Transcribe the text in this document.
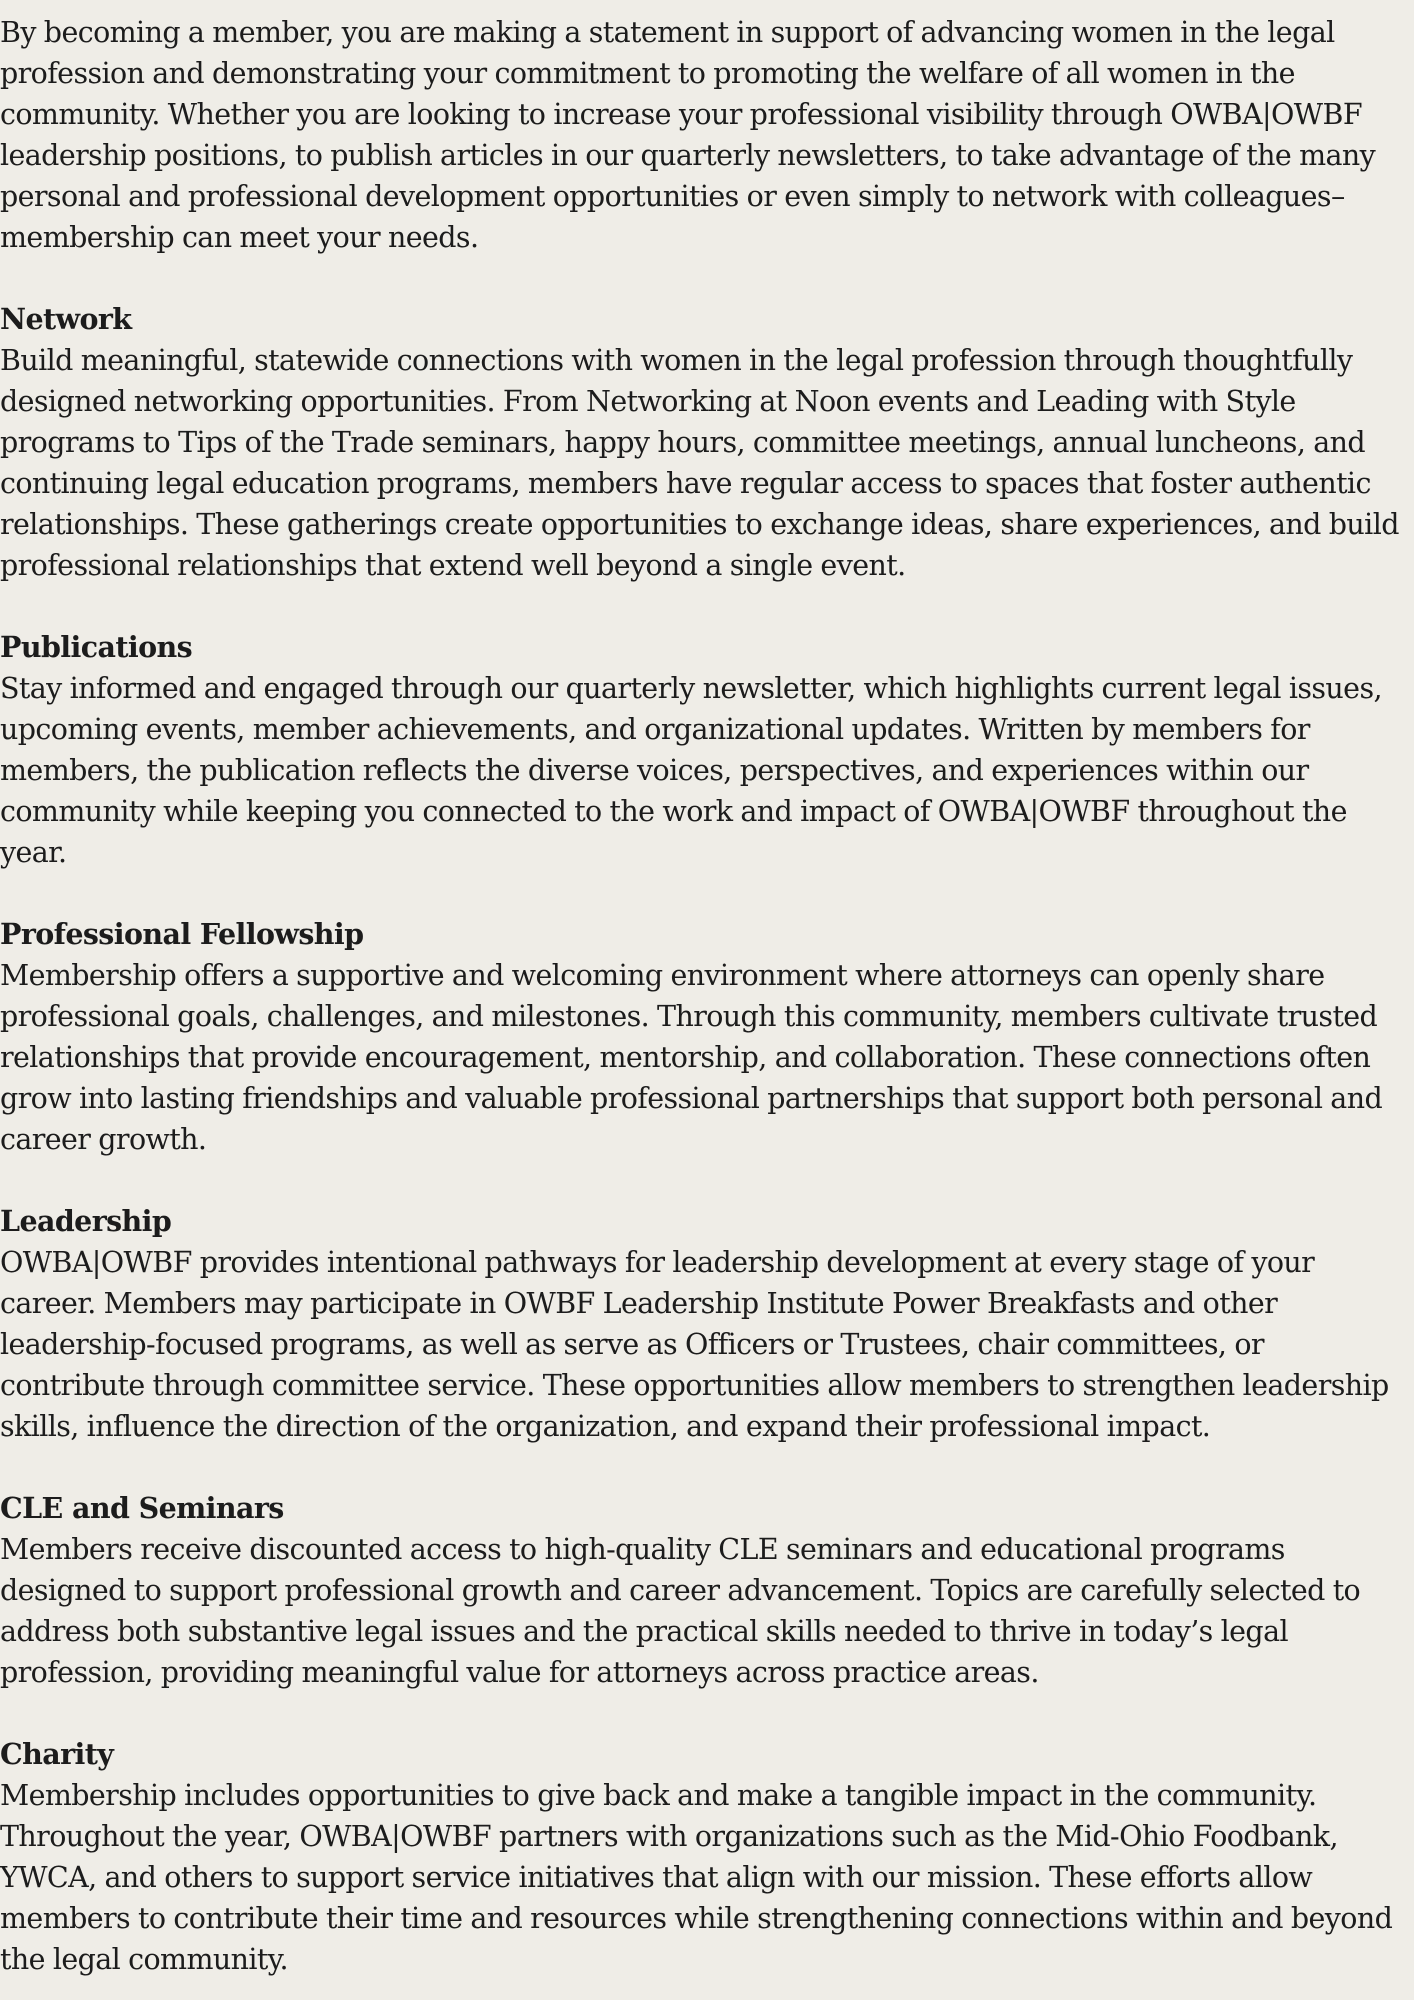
By becoming a member, you are making a statement in support of advancing women in the legal profession and demonstrating your commitment to promoting the welfare of all women in the community. Whether you are looking to increase your professional visibility through OWBA|OWBF leadership positions, to publish articles in our quarterly newsletters, to take advantage of the many personal and professional development opportunities or even simply to network with colleagues– membership can meet your needs.

Network

Build meaningful, statewide connections with women in the legal profession through thoughtfully designed networking opportunities. From Networking at Noon events and Leading with Style programs to Tips of the Trade seminars, happy hours, committee meetings, annual luncheons, and continuing legal education programs, members have regular access to spaces that foster authentic relationships. These gatherings create opportunities to exchange ideas, share experiences, and build professional relationships that extend well beyond a single event.

Publications

Stay informed and engaged through our quarterly newsletter, which highlights current legal issues, upcoming events, member achievements, and organizational updates. Written by members for members, the publication reflects the diverse voices, perspectives, and experiences within our community while keeping you connected to the work and impact of OWBA|OWBF throughout the year.

Professional Fellowship

Membership offers a supportive and welcoming environment where attorneys can openly share professional goals, challenges, and milestones. Through this community, members cultivate trusted relationships that provide encouragement, mentorship, and collaboration. These connections often grow into lasting friendships and valuable professional partnerships that support both personal and career growth.

Leadership

OWBA|OWBF provides intentional pathways for leadership development at every stage of your career. Members may participate in OWBF Leadership Institute Power Breakfasts and other leadership-focused programs, as well as serve as Officers or Trustees, chair committees, or contribute through committee service. These opportunities allow members to strengthen leadership skills, influence the direction of the organization, and expand their professional impact.

CLE and Seminars

Members receive discounted access to high-quality CLE seminars and educational programs designed to support professional growth and career advancement. Topics are carefully selected to address both substantive legal issues and the practical skills needed to thrive in today’s legal profession, providing meaningful value for attorneys across practice areas.

Charity

Membership includes opportunities to give back and make a tangible impact in the community. Throughout the year, OWBA|OWBF partners with organizations such as the Mid-Ohio Foodbank, YWCA, and others to support service initiatives that align with our mission. These efforts allow members to contribute their time and resources while strengthening connections within and beyond the legal community.
